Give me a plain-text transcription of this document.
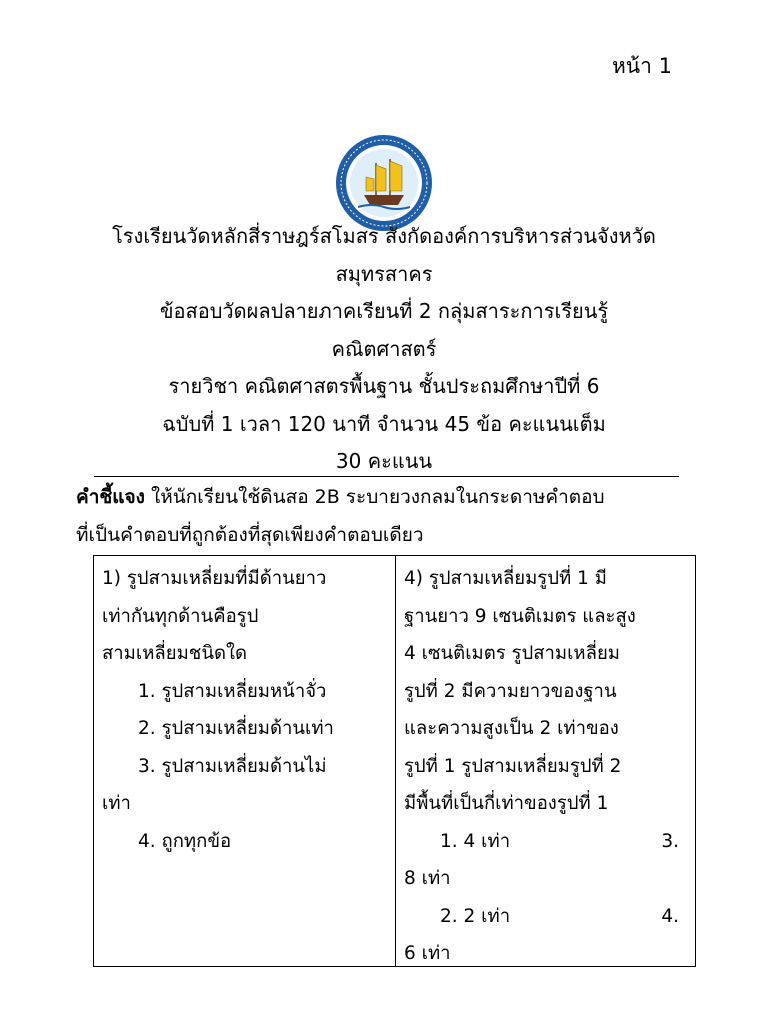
หน้า 1
โรงเรียนวัดหลักสี่ราษฎร์สโมสร สังกัดองค์การบริหารส่วนจังหวัด
สมุทรสาคร
ข้อสอบวัดผลปลายภาคเรียนที่ 2 กลุ่มสาระการเรียนรู้
คณิตศาสตร์
รายวิชา คณิตศาสตรพื้นฐาน ชั้นประถมศึกษาปีที่ 6
ฉบับที่ 1 เวลา 120 นาที จำนวน 45 ข้อ คะแนนเต็ม
30 คะแนน
คำชี้แจง ให้นักเรียนใช้ดินสอ 2B ระบายวงกลมในกระดาษคำตอบ
ที่เป็นคำตอบที่ถูกต้องที่สุดเพียงคำตอบเดียว
1) รูปสามเหลี่ยมที่มีด้านยาว
เท่ากันทุกด้านคือรูป
สามเหลี่ยมชนิดใด
1. รูปสามเหลี่ยมหน้าจั่ว
2. รูปสามเหลี่ยมด้านเท่า
3. รูปสามเหลี่ยมด้านไม่
เท่า
4. ถูกทุกข้อ
4) รูปสามเหลี่ยมรูปที่ 1 มี
ฐานยาว 9 เซนติเมตร และสูง
4 เซนติเมตร รูปสามเหลี่ยม
รูปที่ 2 มีความยาวของฐาน
และความสูงเป็น 2 เท่าของ
รูปที่ 1 รูปสามเหลี่ยมรูปที่ 2
มีพื้นที่เป็นกี่เท่าของรูปที่ 1
1. 4 เท่า	3.
8 เท่า
2. 2 เท่า	4.
6 เท่า
